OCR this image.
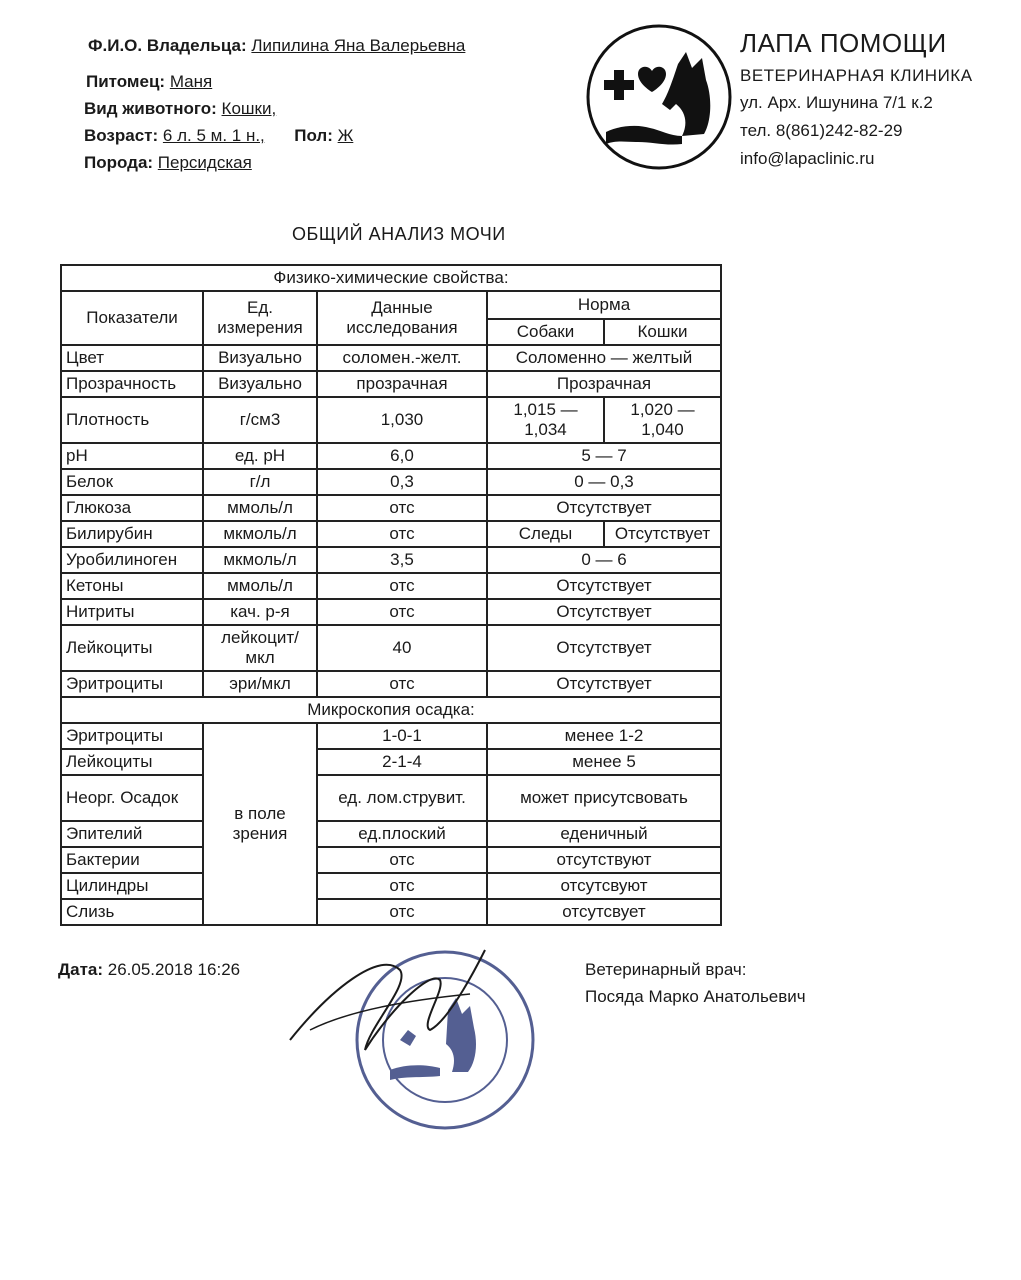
Ф.И.О. Владельца: Липилина Яна Валерьевна
Питомец: Маня
Вид животного: Кошки,
Возраст: 6 л. 5 м. 1 н., Пол: Ж
Порода: Персидская
ЛАПА ПОМОЩИ
ВЕТЕРИНАРНАЯ КЛИНИКА
ул. Арх. Ишунина 7/1 к.2
тел. 8(861)242-82-29
info@lapaclinic.ru
ОБЩИЙ АНАЛИЗ МОЧИ
Физико-химические свойства:				
Показатели	Ед. измерения	Данные исследования	Норма	
			Собаки	Кошки
Цвет	Визуально	соломен.-желт.	Соломенно — желтый	
Прозрачность	Визуально	прозрачная	Прозрачная	
Плотность	г/см3	1,030	1,015 — 1,034	1,020 — 1,040
pH	ед. pH	6,0	5 — 7	
Белок	г/л	0,3	0 — 0,3	
Глюкоза	ммоль/л	отс	Отсутствует	
Билирубин	мкмоль/л	отс	Следы	Отсутствует
Уробилиноген	мкмоль/л	3,5	0 — 6	
Кетоны	ммоль/л	отс	Отсутствует	
Нитриты	кач. р-я	отс	Отсутствует	
Лейкоциты	лейкоцит/мкл	40	Отсутствует	
Эритроциты	эри/мкл	отс	Отсутствует	
Микроскопия осадка:				
Эритроциты	в поле зрения	1-0-1	менее 1-2	
Лейкоциты		2-1-4	менее 5	
Неорг. Осадок		ед. лом.струвит.	может присутсвовать	
Эпителий		ед.плоский	еденичный	
Бактерии		отс	отсутствуют	
Цилиндры		отс	отсутсвуют	
Слизь		отс	отсутсвует	
Дата: 26.05.2018 16:26	Ветеринарный врач:
Посяда Марко Анатольевич
